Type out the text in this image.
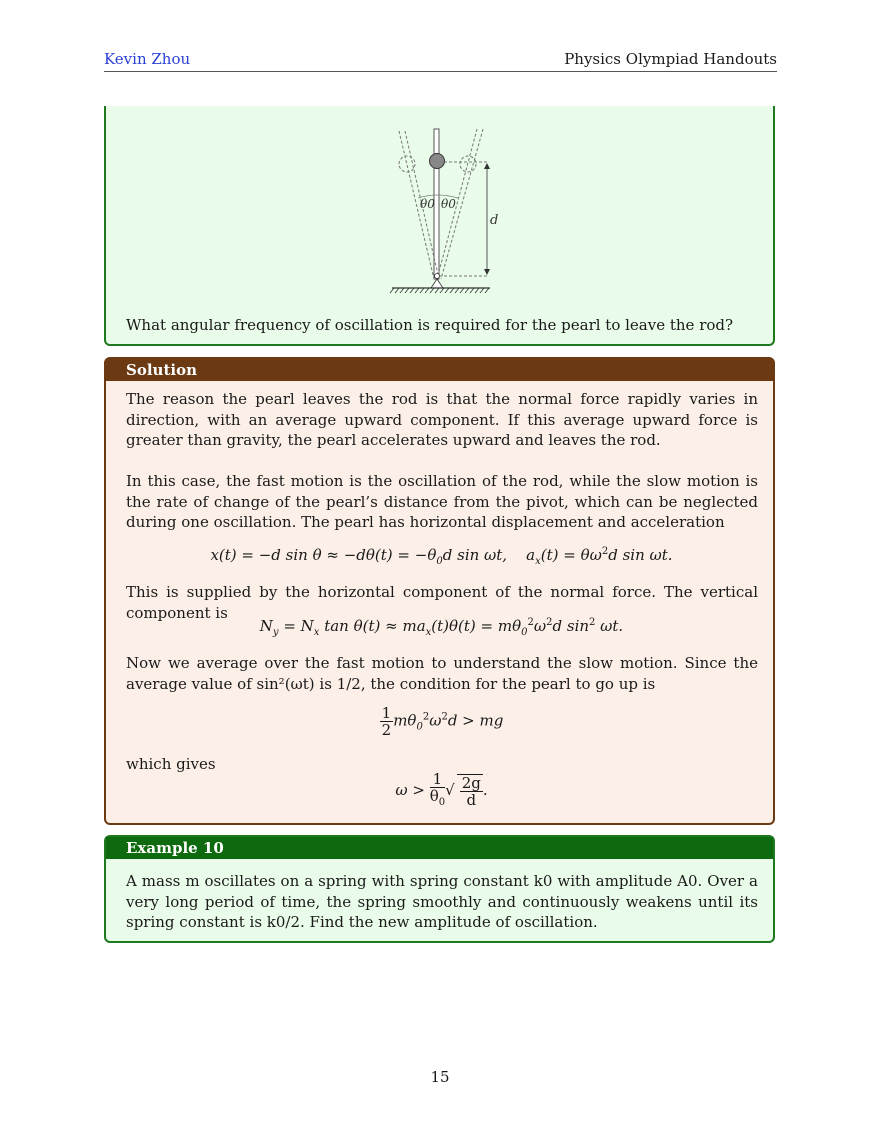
Kevin Zhou	Physics Olympiad Handouts
θ0 θ0
d
What angular frequency of oscillation is required for the pearl to leave the rod?
Solution
The reason the pearl leaves the rod is that the normal force rapidly varies in direction, with an average upward component. If this average upward force is greater than gravity, the pearl accelerates upward and leaves the rod.
In this case, the fast motion is the oscillation of the rod, while the slow motion is the rate of change of the pearl’s distance from the pivot, which can be neglected during one oscillation. The pearl has horizontal displacement and acceleration
x(t) = −d $\sin \theta \approx -d\theta(t) = -\theta_0d$ sin ωt,    $a_x(t) = \theta\omega^2d$ sin ωt.
This is supplied by the horizontal component of the normal force. The vertical component is
$N_y = N_x$ $\tan \theta(t) \approx ma_x(t)\theta(t) = m\theta_0^2\omega^2d$ $\sin^2 \omega t$.
Now we average over the fast motion to understand the slow motion. Since the average value of sin²(ωt) is 1/2, the condition for the pearl to go up is
$\frac{1}{2} m\theta_0^2\omega^2d$ > mg
which gives
$\omega > \frac{1}{\theta_0}$ √ $\frac{2g}{d}$ .
Example 10
A mass m oscillates on a spring with spring constant k0 with amplitude A0. Over a very long period of time, the spring smoothly and continuously weakens until its spring constant is k0/2. Find the new amplitude of oscillation.
15
